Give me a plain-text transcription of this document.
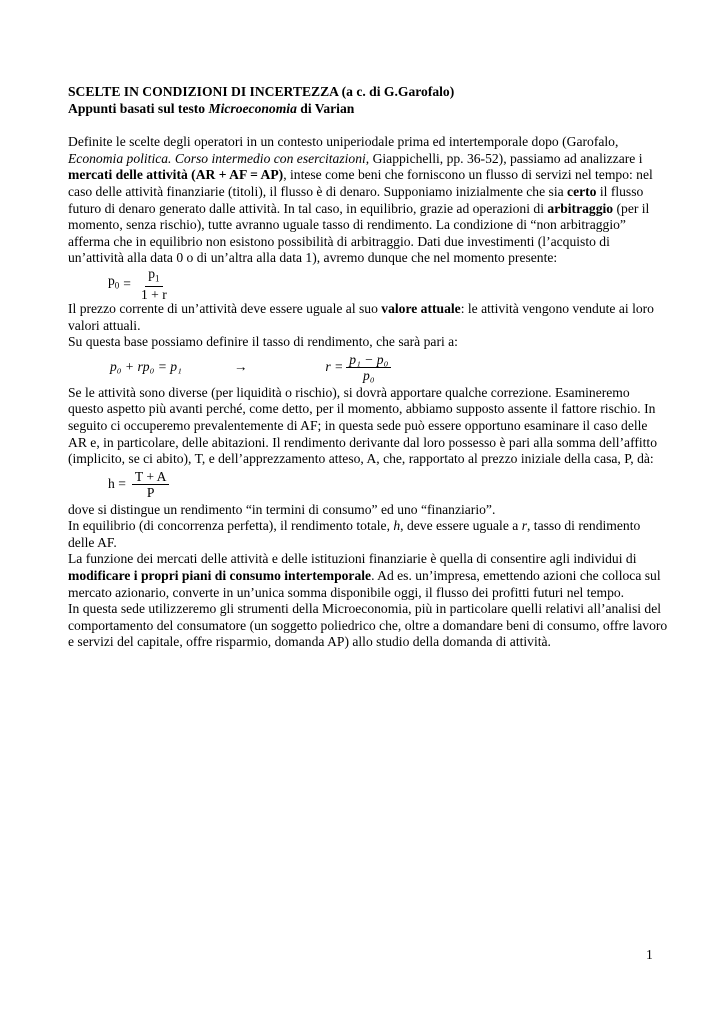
SCELTE IN CONDIZIONI DI INCERTEZZA (a c. di G.Garofalo)

Appunti basati sul testo Microeconomia di Varian

Definite le scelte degli operatori in un contesto uniperiodale prima ed intertemporale dopo (Garofalo, Economia politica. Corso intermedio con esercitazioni, Giappichelli, pp. 36-52), passiamo ad analizzare i mercati delle attività (AR + AF = AP), intese come beni che forniscono un flusso di servizi nel tempo: nel caso delle attività finanziarie (titoli), il flusso è di denaro. Supponiamo inizialmente che sia certo il flusso futuro di denaro generato dalle attività. In tal caso, in equilibrio, grazie ad operazioni di arbitraggio (per il momento, senza rischio), tutte avranno uguale tasso di rendimento. La condizione di “non arbitraggio” afferma che in equilibrio non esistono possibilità di arbitraggio. Dati due investimenti (l’acquisto di un’attività alla data 0 o di un’altra alla data 1), avremo dunque che nel momento presente:

$p_0 = \frac{p_1}{1 + r}$

Il prezzo corrente di un’attività deve essere uguale al suo valore attuale: le attività vengono vendute ai loro valori attuali.

Su questa base possiamo definire il tasso di rendimento, che sarà pari a:

p₀ + rp₀ = p₁	→	$r = \frac{\text{p₁ − p₀}}{\text{p₀}}$

Se le attività sono diverse (per liquidità o rischio), si dovrà apportare qualche correzione. Esamineremo questo aspetto più avanti perché, come detto, per il momento, abbiamo supposto assente il fattore rischio. In seguito ci occuperemo prevalentemente di AF; in questa sede può essere opportuno esaminare il caso delle AR e, in particolare, delle abitazioni. Il rendimento derivante dal loro possesso è pari alla somma dell’affitto (implicito, se ci abito), T, e dell’apprezzamento atteso, A, che, rapportato al prezzo iniziale della casa, P, dà:

$h = \frac{T + A}{P}$

dove si distingue un rendimento “in termini di consumo” ed uno “finanziario”.

In equilibrio (di concorrenza perfetta), il rendimento totale, h, deve essere uguale a r, tasso di rendimento delle AF.

La funzione dei mercati delle attività e delle istituzioni finanziarie è quella di consentire agli individui di modificare i propri piani di consumo intertemporale. Ad es. un’impresa, emettendo azioni che colloca sul mercato azionario, converte in un’unica somma disponibile oggi, il flusso dei profitti futuri nel tempo.

In questa sede utilizzeremo gli strumenti della Microeconomia, più in particolare quelli relativi all’analisi del comportamento del consumatore (un soggetto poliedrico che, oltre a domandare beni di consumo, offre lavoro e servizi del capitale, offre risparmio, domanda AP) allo studio della domanda di attività.

1
